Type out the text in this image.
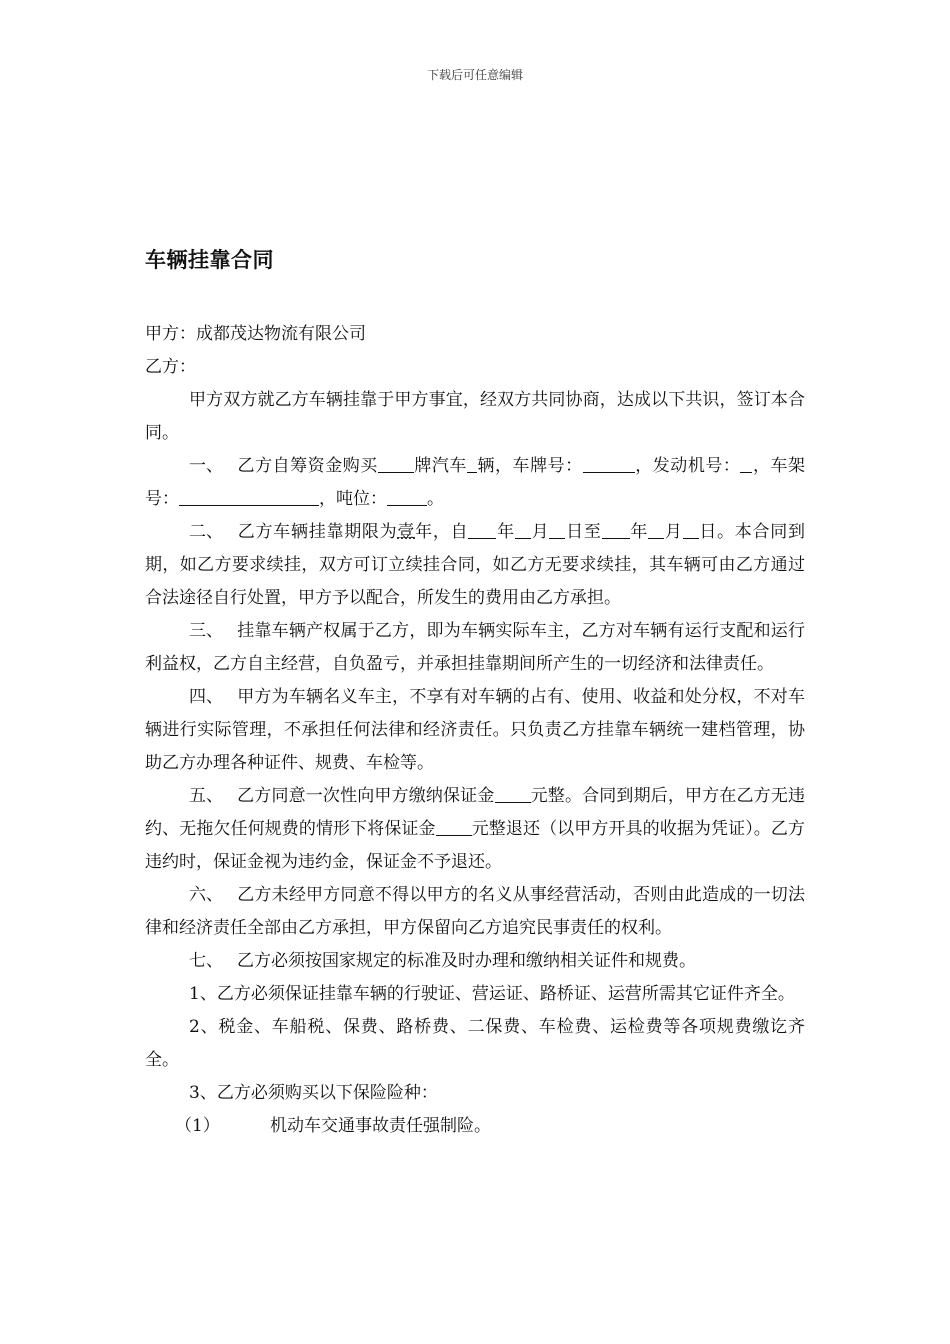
下载后可任意编辑
车辆挂靠合同

甲方：成都茂达物流有限公司

乙方：

甲方双方就乙方车辆挂靠于甲方事宜，经双方共同协商，达成以下共识，签订本合同。

一、 乙方自筹资金购买 牌汽车 辆，车牌号：	，发动机号： ，车架号：	，吨位： 。

二、 乙方车辆挂靠期限为壹年，自 年 月 日至 年 月 日。本合同到期，如乙方要求续挂，双方可订立续挂合同，如乙方无要求续挂，其车辆可由乙方通过合法途径自行处置，甲方予以配合，所发生的费用由乙方承担。

三、 挂靠车辆产权属于乙方，即为车辆实际车主，乙方对车辆有运行支配和运行利益权，乙方自主经营，自负盈亏，并承担挂靠期间所产生的一切经济和法律责任。

四、 甲方为车辆名义车主，不享有对车辆的占有、使用、收益和处分权，不对车辆进行实际管理，不承担任何法律和经济责任。只负责乙方挂靠车辆统一建档管理，协助乙方办理各种证件、规费、车检等。

五、 乙方同意一次性向甲方缴纳保证金 元整。合同到期后，甲方在乙方无违约、无拖欠任何规费的情形下将保证金 元整退还（以甲方开具的收据为凭证）。乙方违约时，保证金视为违约金，保证金不予退还。

六、 乙方未经甲方同意不得以甲方的名义从事经营活动，否则由此造成的一切法律和经济责任全部由乙方承担，甲方保留向乙方追究民事责任的权利。

七、 乙方必须按国家规定的标准及时办理和缴纳相关证件和规费。

1、乙方必须保证挂靠车辆的行驶证、营运证、路桥证、运营所需其它证件齐全。

2、税金、车船税、保费、路桥费、二保费、车检费、运检费等各项规费缴讫齐全。

3、乙方必须购买以下保险险种：

（1）	机动车交通事故责任强制险。
